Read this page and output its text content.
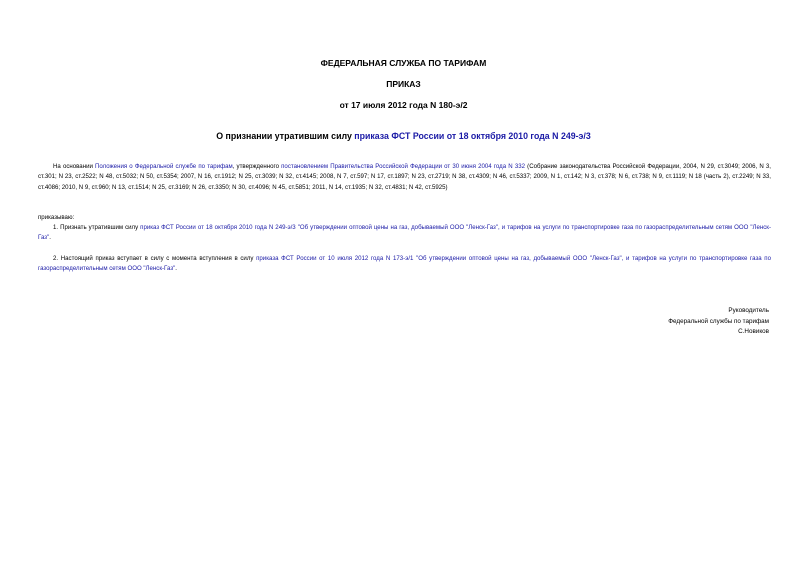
ФЕДЕРАЛЬНАЯ СЛУЖБА ПО ТАРИФАМ
ПРИКАЗ
от 17 июля 2012 года N 180-э/2
О признании утратившим силу приказа ФСТ России от 18 октября 2010 года N 249-э/3
На основании Положения о Федеральной службе по тарифам, утвержденного постановлением Правительства Российской Федерации от 30 июня 2004 года N 332 (Собрание законодательства Российской Федерации, 2004, N 29, ст.3049; 2006, N 3, ст.301; N 23, ст.2522; N 48, ст.5032; N 50, ст.5354; 2007, N 16, ст.1912; N 25, ст.3039; N 32, ст.4145; 2008, N 7, ст.597; N 17, ст.1897; N 23, ст.2719; N 38, ст.4309; N 46, ст.5337; 2009, N 1, ст.142; N 3, ст.378; N 6, ст.738; N 9, ст.1119; N 18 (часть 2), ст.2249; N 33, ст.4086; 2010, N 9, ст.960; N 13, ст.1514; N 25, ст.3169; N 26, ст.3350; N 30, ст.4096; N 45, ст.5851; 2011, N 14, ст.1935; N 32, ст.4831; N 42, ст.5925)
приказываю:
1. Признать утратившим силу приказ ФСТ России от 18 октября 2010 года N 249-э/3 "Об утверждении оптовой цены на газ, добываемый ООО "Ленск-Газ", и тарифов на услуги по транспортировке газа по газораспределительным сетям ООО "Ленск-Газ".
2. Настоящий приказ вступает в силу с момента вступления в силу приказа ФСТ России от 10 июля 2012 года N 173-э/1 "Об утверждении оптовой цены на газ, добываемый ООО "Ленск-Газ", и тарифов на услуги по транспортировке газа по газораспределительным сетям ООО "Ленск-Газ".
Руководитель
Федеральной службы по тарифам
С.Новиков
